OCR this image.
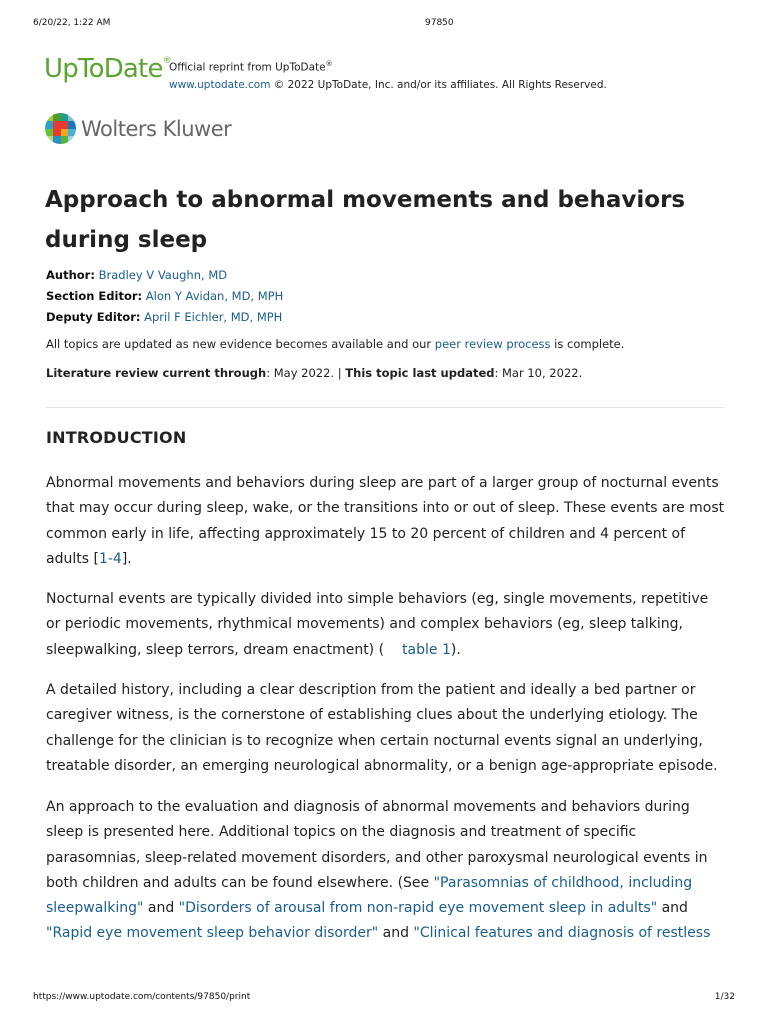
6/20/22, 1:22 AM	97850
UpToDate®
Official reprint from UpToDate®
www.uptodate.com © 2022 UpToDate, Inc. and/or its affiliates. All Rights Reserved.
Wolters Kluwer
Approach to abnormal movements and behaviors during sleep
Author: Bradley V Vaughn, MD
Section Editor: Alon Y Avidan, MD, MPH
Deputy Editor: April F Eichler, MD, MPH
All topics are updated as new evidence becomes available and our peer review process is complete.
Literature review current through: May 2022. | This topic last updated: Mar 10, 2022.
INTRODUCTION

Abnormal movements and behaviors during sleep are part of a larger group of nocturnal events that may occur during sleep, wake, or the transitions into or out of sleep. These events are most common early in life, affecting approximately 15 to 20 percent of children and 4 percent of adults [1-4].

Nocturnal events are typically divided into simple behaviors (eg, single movements, repetitive or periodic movements, rhythmical movements) and complex behaviors (eg, sleep talking, sleepwalking, sleep terrors, dream enactment) ( table 1).

A detailed history, including a clear description from the patient and ideally a bed partner or caregiver witness, is the cornerstone of establishing clues about the underlying etiology. The challenge for the clinician is to recognize when certain nocturnal events signal an underlying, treatable disorder, an emerging neurological abnormality, or a benign age-appropriate episode.

An approach to the evaluation and diagnosis of abnormal movements and behaviors during sleep is presented here. Additional topics on the diagnosis and treatment of specific parasomnias, sleep-related movement disorders, and other paroxysmal neurological events in both children and adults can be found elsewhere. (See "Parasomnias of childhood, including sleepwalking" and "Disorders of arousal from non-rapid eye movement sleep in adults" and "Rapid eye movement sleep behavior disorder" and "Clinical features and diagnosis of restless

https://www.uptodate.com/contents/97850/print	1/32
